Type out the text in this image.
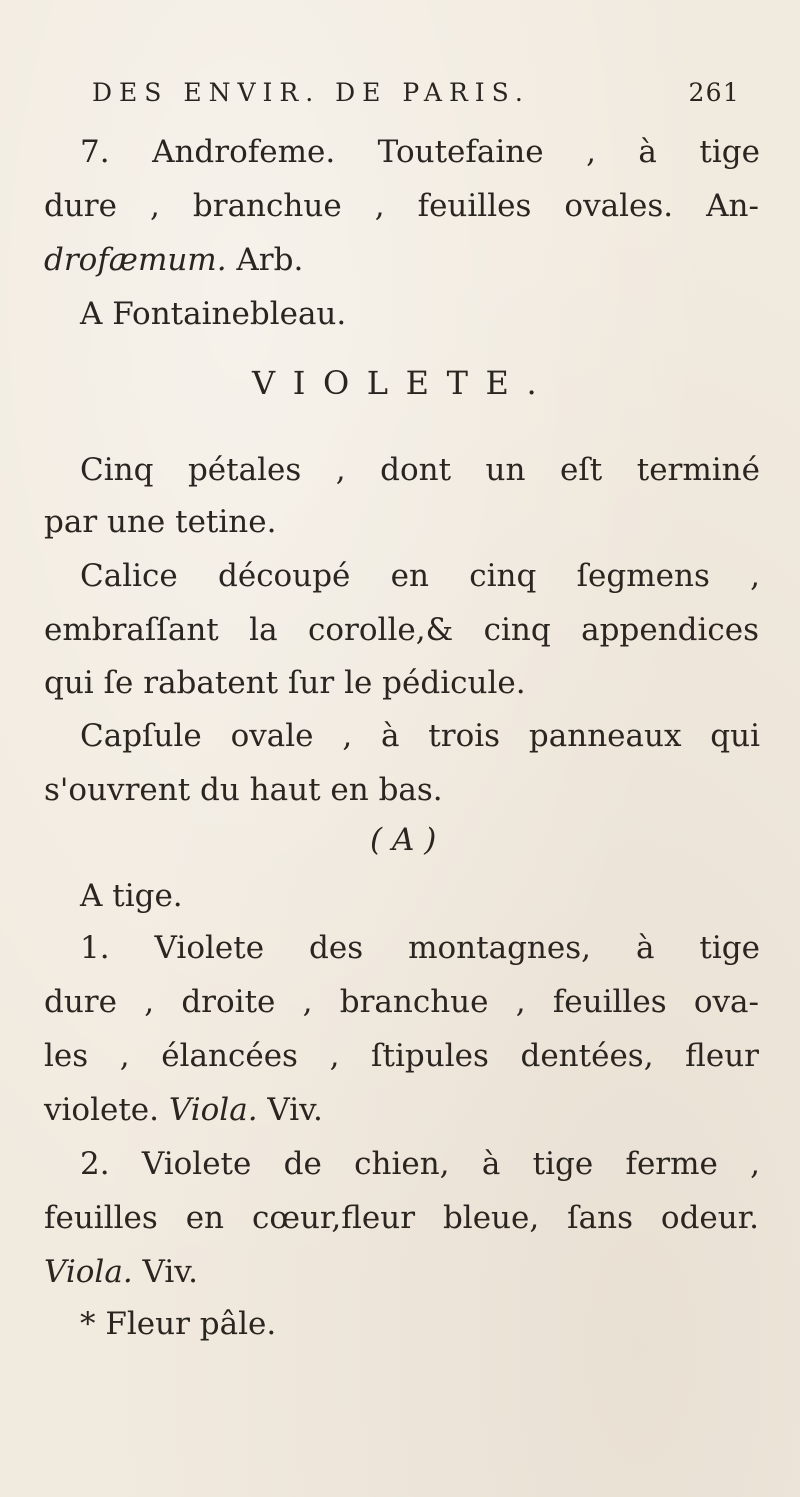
DES ENVIR. DE PARIS.	261
7. Androfeme. Toutefaine , à tige
dure , branchue , feuilles ovales. An-
drofæmum. Arb.
A Fontainebleau.
VIOLETE.
Cinq pétales , dont un eſt terminé
par une tetine.
Calice découpé en cinq ſegmens ,
embraſſant la corolle,& cinq appendices
qui ſe rabatent ſur le pédicule.
Capſule ovale , à trois panneaux qui
s'ouvrent du haut en bas.
( A )
A tige.
1. Violete des montagnes, à tige
dure , droite , branchue , feuilles ova-
les , élancées , ſtipules dentées, fleur
violete. Viola. Viv.
2. Violete de chien, à tige ferme ,
feuilles en cœur,fleur bleue, ſans odeur.
Viola. Viv.
* Fleur pâle.
